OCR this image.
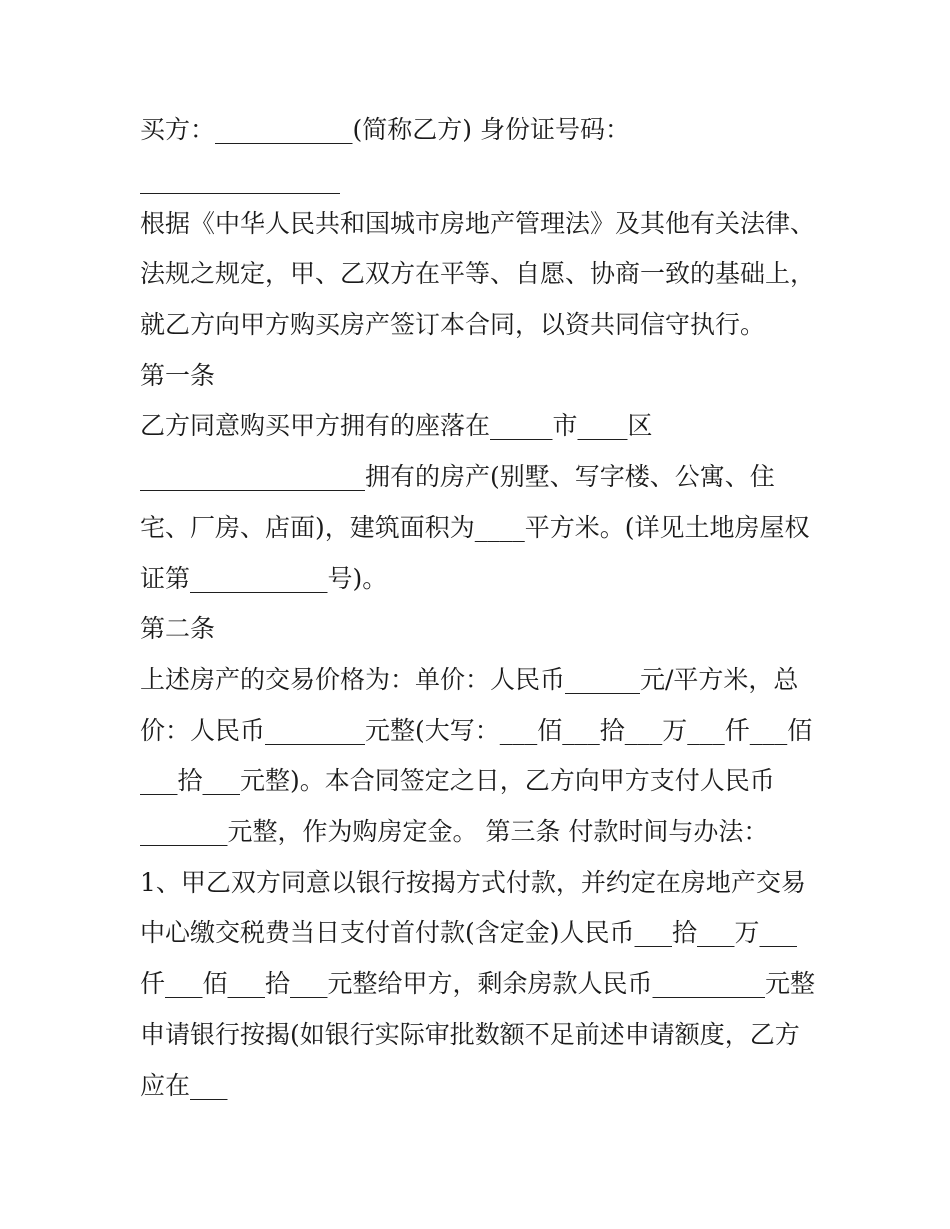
买方：___________(简称乙方) 身份证号码：
________________
根据《中华人民共和国城市房地产管理法》及其他有关法律、
法规之规定，甲、乙双方在平等、自愿、协商一致的基础上，
就乙方向甲方购买房产签订本合同，以资共同信守执行。
第一条
乙方同意购买甲方拥有的座落在_____市____区
__________________拥有的房产(别墅、写字楼、公寓、住
宅、厂房、店面)，建筑面积为____平方米。(详见土地房屋权
证第___________号)。
第二条
上述房产的交易价格为：单价：人民币______元/平方米，总
价：人民币________元整(大写：___佰___拾___万___仟___佰
___拾___元整)。本合同签定之日，乙方向甲方支付人民币
_______元整，作为购房定金。 第三条 付款时间与办法：
1、甲乙双方同意以银行按揭方式付款，并约定在房地产交易
中心缴交税费当日支付首付款(含定金)人民币___拾___万___
仟___佰___拾___元整给甲方，剩余房款人民币_________元整
申请银行按揭(如银行实际审批数额不足前述申请额度，乙方
应在___
